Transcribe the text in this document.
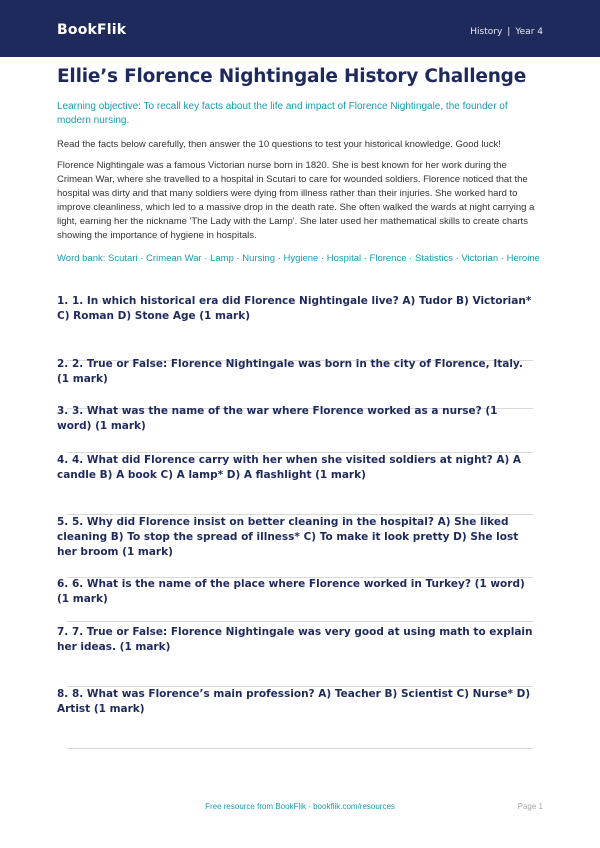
BookFlik	History | Year 4
Ellie’s Florence Nightingale History Challenge
Learning objective: To recall key facts about the life and impact of Florence Nightingale, the founder of modern nursing.
Read the facts below carefully, then answer the 10 questions to test your historical knowledge. Good luck!
Florence Nightingale was a famous Victorian nurse born in 1820. She is best known for her work during the Crimean War, where she travelled to a hospital in Scutari to care for wounded soldiers. Florence noticed that the hospital was dirty and that many soldiers were dying from illness rather than their injuries. She worked hard to improve cleanliness, which led to a massive drop in the death rate. She often walked the wards at night carrying a light, earning her the nickname 'The Lady with the Lamp'. She later used her mathematical skills to create charts showing the importance of hygiene in hospitals.
Word bank: Scutari · Crimean War · Lamp · Nursing · Hygiene · Hospital · Florence · Statistics · Victorian · Heroine
1. 1. In which historical era did Florence Nightingale live? A) Tudor B) Victorian* C) Roman D) Stone Age (1 mark)
2. 2. True or False: Florence Nightingale was born in the city of Florence, Italy. (1 mark)
3. 3. What was the name of the war where Florence worked as a nurse? (1 word) (1 mark)
4. 4. What did Florence carry with her when she visited soldiers at night? A) A candle B) A book C) A lamp* D) A flashlight (1 mark)
5. 5. Why did Florence insist on better cleaning in the hospital? A) She liked cleaning B) To stop the spread of illness* C) To make it look pretty D) She lost her broom (1 mark)
6. 6. What is the name of the place where Florence worked in Turkey? (1 word) (1 mark)
7. 7. True or False: Florence Nightingale was very good at using math to explain her ideas. (1 mark)
8. 8. What was Florence’s main profession? A) Teacher B) Scientist C) Nurse* D) Artist (1 mark)
Free resource from BookFlik · bookflik.com/resources	Page 1
